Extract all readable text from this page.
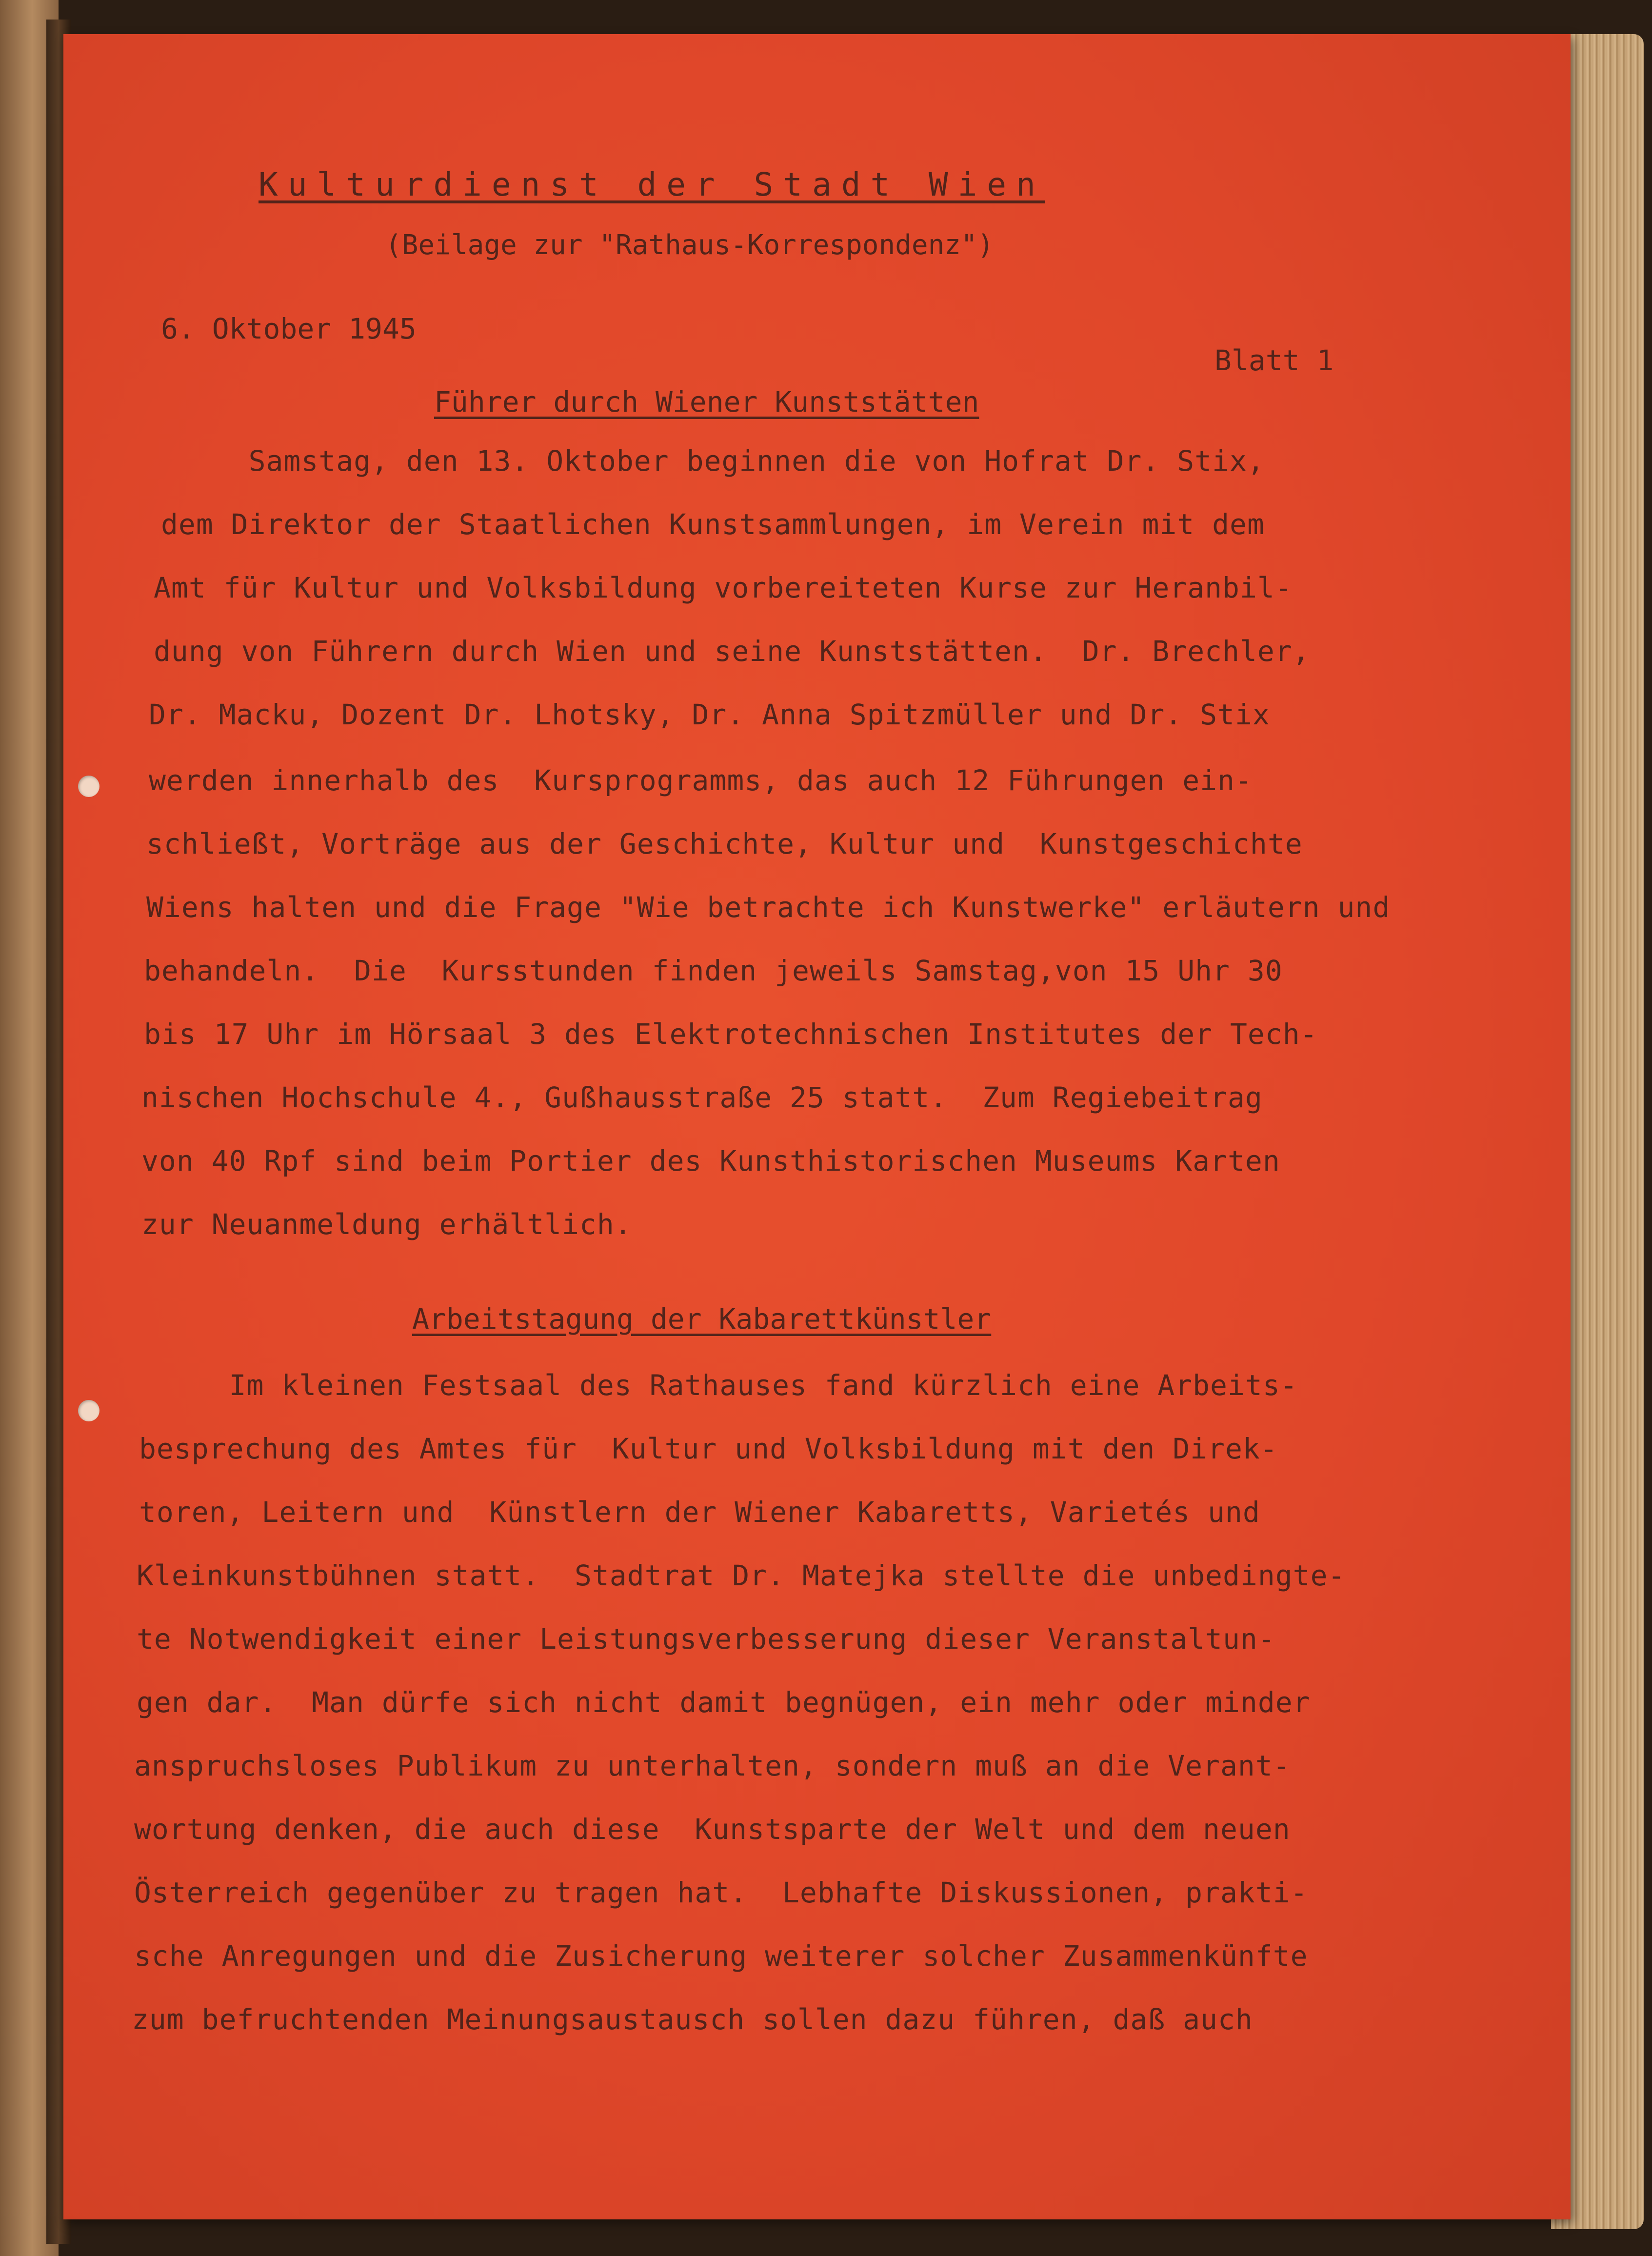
Kulturdienst der Stadt Wien
(Beilage zur "Rathaus-Korrespondenz")
6. Oktober 1945
Blatt 1
Führer durch Wiener Kunststätten
Samstag, den 13. Oktober beginnen die von Hofrat Dr. Stix,
dem Direktor der Staatlichen Kunstsammlungen, im Verein mit dem
Amt für Kultur und Volksbildung vorbereiteten Kurse zur Heranbil-
dung von Führern durch Wien und seine Kunststätten.  Dr. Brechler,
Dr. Macku, Dozent Dr. Lhotsky, Dr. Anna Spitzmüller und Dr. Stix
werden innerhalb des  Kursprogramms, das auch 12 Führungen ein-
schließt, Vorträge aus der Geschichte, Kultur und  Kunstgeschichte
Wiens halten und die Frage "Wie betrachte ich Kunstwerke" erläutern und
behandeln.  Die  Kursstunden finden jeweils Samstag,von 15 Uhr 30
bis 17 Uhr im Hörsaal 3 des Elektrotechnischen Institutes der Tech-
nischen Hochschule 4., Gußhausstraße 25 statt.  Zum Regiebeitrag
von 40 Rpf sind beim Portier des Kunsthistorischen Museums Karten
zur Neuanmeldung erhältlich.
Arbeitstagung der Kabarettkünstler
Im kleinen Festsaal des Rathauses fand kürzlich eine Arbeits-
besprechung des Amtes für  Kultur und Volksbildung mit den Direk-
toren, Leitern und  Künstlern der Wiener Kabaretts, Varietés und
Kleinkunstbühnen statt.  Stadtrat Dr. Matejka stellte die unbedingte-
te Notwendigkeit einer Leistungsverbesserung dieser Veranstaltun-
gen dar.  Man dürfe sich nicht damit begnügen, ein mehr oder minder
anspruchsloses Publikum zu unterhalten, sondern muß an die Verant-
wortung denken, die auch diese  Kunstsparte der Welt und dem neuen
Österreich gegenüber zu tragen hat.  Lebhafte Diskussionen, prakti-
sche Anregungen und die Zusicherung weiterer solcher Zusammenkünfte
zum befruchtenden Meinungsaustausch sollen dazu führen, daß auch
